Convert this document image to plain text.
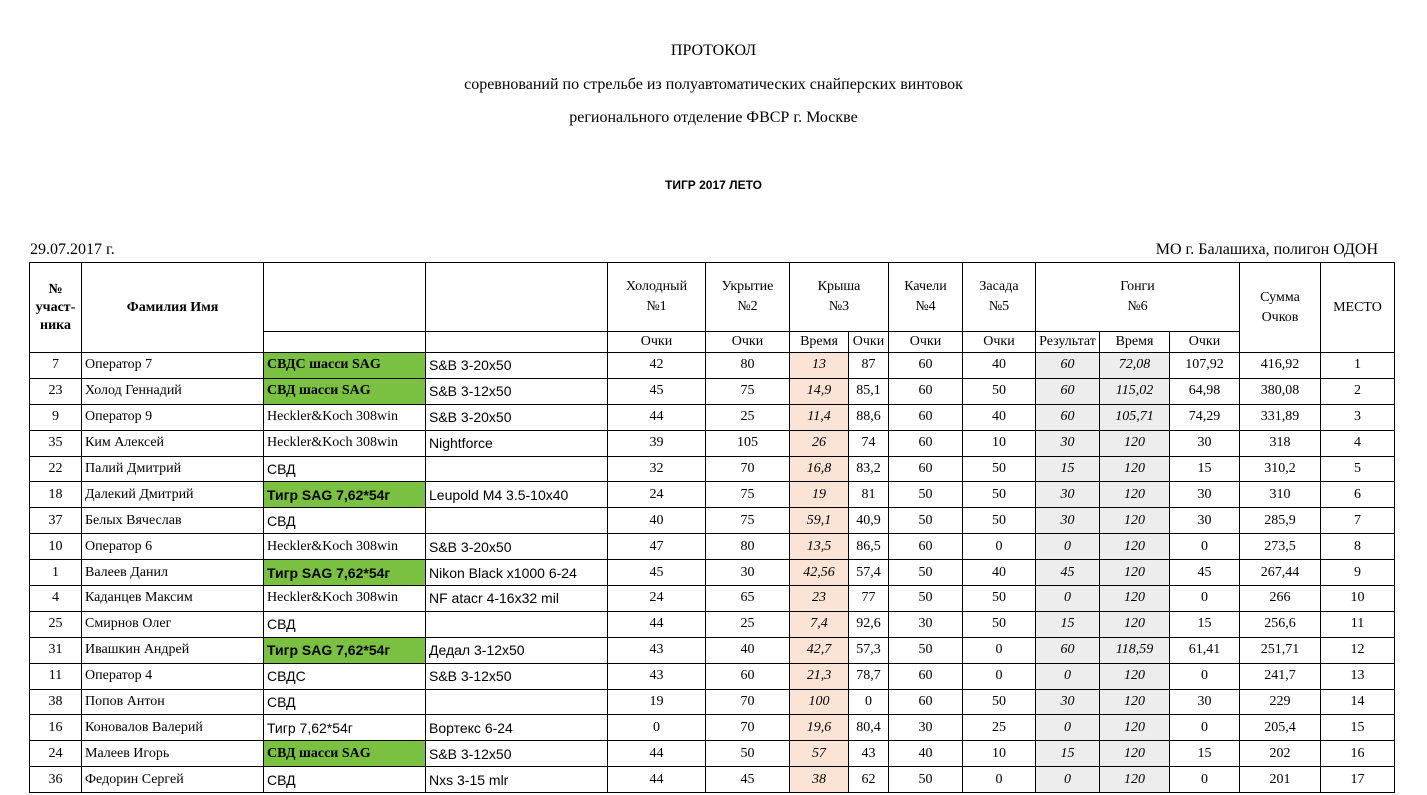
ПРОТОКОЛ
соревнований по стрельбе из полуавтоматических снайперских винтовок
регионального отделение ФВСР г. Москве
ТИГР 2017 ЛЕТО
29.07.2017 г.	МО г. Балашиха, полигон ОДОН
№ участ-ника	Фамилия Имя			Холодный №1	Укрытие №2	Крыша №3		Качели №4	Засада №5	Гонги №6			Сумма Очков	МЕСТО
				Очки	Очки	Время	Очки	Очки	Очки	Результат	Время	Очки		
7	Оператор 7	СВДС шасси SAG	S&B 3-20x50	42	80	13	87	60	40	60	72,08	107,92	416,92	1
23	Холод Геннадий	СВД шасси SAG	S&B 3-12x50	45	75	14,9	85,1	60	50	60	115,02	64,98	380,08	2
9	Оператор 9	Heckler&Koch 308win	S&B 3-20x50	44	25	11,4	88,6	60	40	60	105,71	74,29	331,89	3
35	Ким Алексей	Heckler&Koch 308win	Nightforce	39	105	26	74	60	10	30	120	30	318	4
22	Палий Дмитрий	СВД		32	70	16,8	83,2	60	50	15	120	15	310,2	5
18	Далекий Дмитрий	Тигр SAG 7,62*54г	Leupold M4 3.5-10x40	24	75	19	81	50	50	30	120	30	310	6
37	Белых Вячеслав	СВД		40	75	59,1	40,9	50	50	30	120	30	285,9	7
10	Оператор 6	Heckler&Koch 308win	S&B 3-20x50	47	80	13,5	86,5	60	0	0	120	0	273,5	8
1	Валеев Данил	Тигр SAG 7,62*54г	Nikon Black x1000 6-24	45	30	42,56	57,4	50	40	45	120	45	267,44	9
4	Каданцев Максим	Heckler&Koch 308win	NF atacr 4-16x32 mil	24	65	23	77	50	50	0	120	0	266	10
25	Смирнов Олег	СВД		44	25	7,4	92,6	30	50	15	120	15	256,6	11
31	Ивашкин Андрей	Тигр SAG 7,62*54г	Дедал 3-12x50	43	40	42,7	57,3	50	0	60	118,59	61,41	251,71	12
11	Оператор 4	СВДС	S&B 3-12x50	43	60	21,3	78,7	60	0	0	120	0	241,7	13
38	Попов Антон	СВД		19	70	100	0	60	50	30	120	30	229	14
16	Коновалов Валерий	Тигр 7,62*54г	Вортекс 6-24	0	70	19,6	80,4	30	25	0	120	0	205,4	15
24	Малеев Игорь	СВД шасси SAG	S&B 3-12x50	44	50	57	43	40	10	15	120	15	202	16
36	Федорин Сергей	СВД	Nxs 3-15 mlr	44	45	38	62	50	0	0	120	0	201	17
